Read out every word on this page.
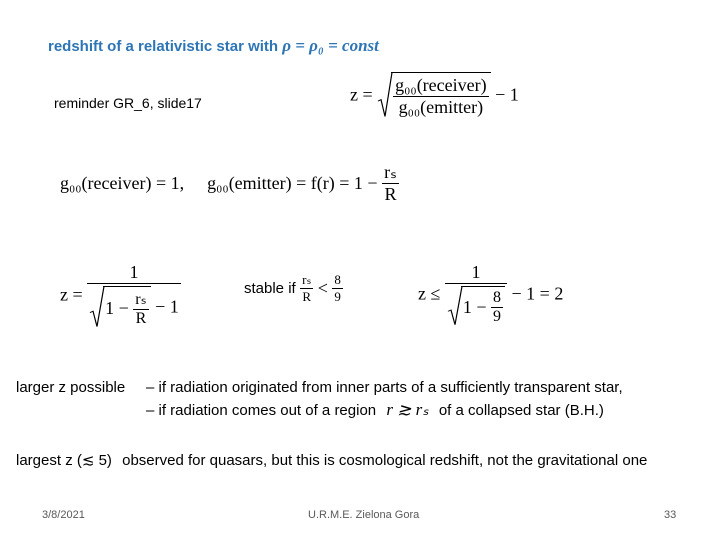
redshift of a relativistic star with ρ = ρ₀ = const
reminder GR_6, slide17	$z = \frac{\text{g₀₀(receiver)}}{\text{g₀₀(emitter)}} - 1$
g₀₀(receiver) = 1, g₀₀(emitter) = $f(r) = 1 - \frac{\text{rₛ}}{R}$
z =
1
$1 - \frac{\text{rₛ}}{R} - 1$
stable if $\frac{\text{rₛ}}{R} < \frac{8}{9}$	$z \le \frac{1}{1 - \frac{8}{9}} - 1 = 2$
larger z possible – if radiation originated from inner parts of a sufficiently transparent star,
– if radiation comes out of a region r ≳ rₛ of a collapsed star (B.H.)
largest z (≲ 5) observed for quasars, but this is cosmological redshift, not the gravitational one
3/8/2021	U.R.M.E. Zielona Gora	33
